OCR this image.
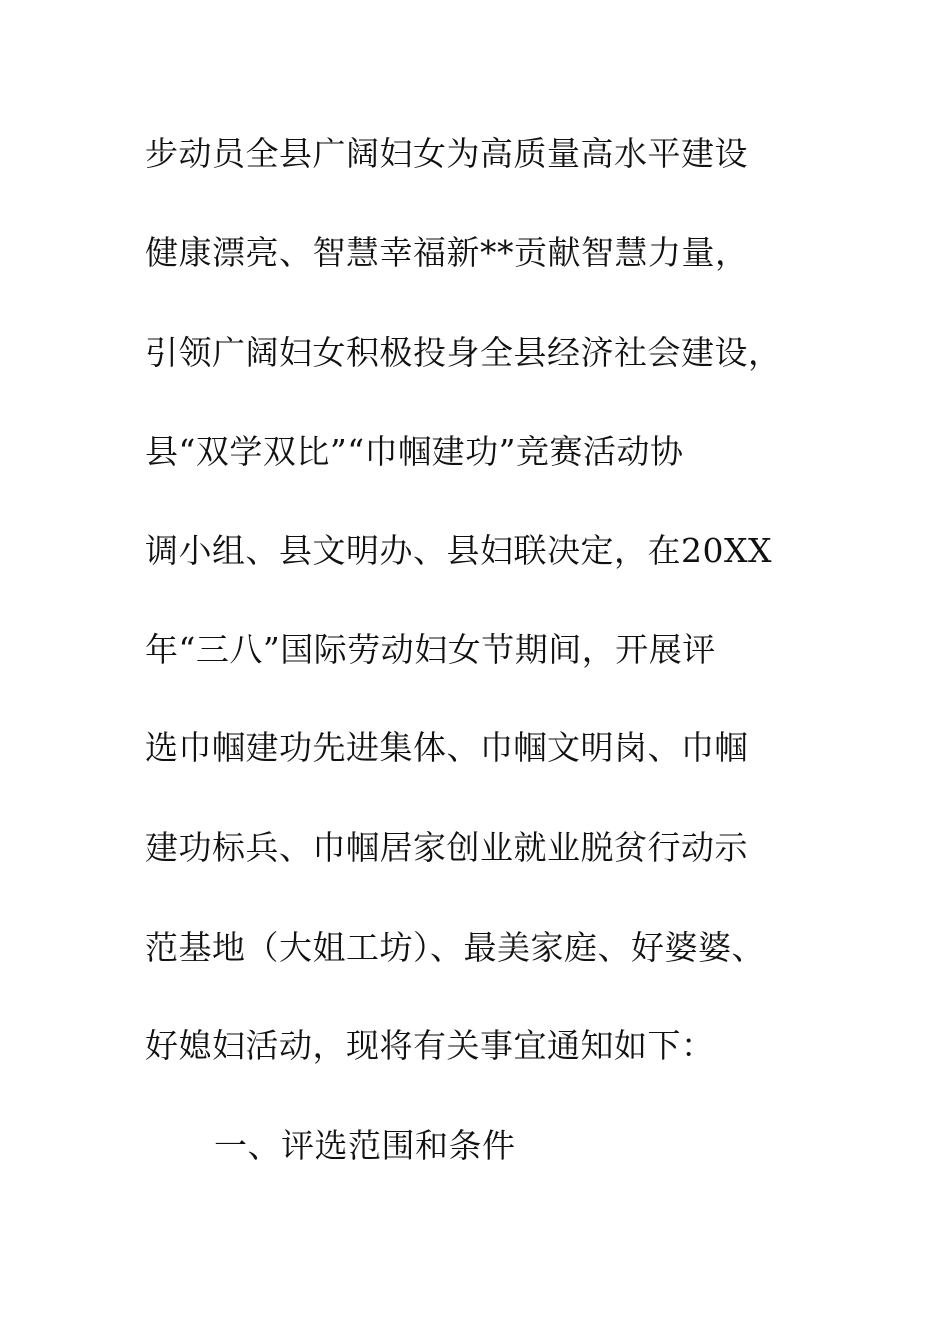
步动员全县广阔妇女为高质量高水平建设
健康漂亮、智慧幸福新**贡献智慧力量，
引领广阔妇女积极投身全县经济社会建设，
县“双学双比”“巾帼建功”竞赛活动协
调小组、县文明办、县妇联决定，在20XX
年“三八”国际劳动妇女节期间，开展评
选巾帼建功先进集体、巾帼文明岗、巾帼
建功标兵、巾帼居家创业就业脱贫行动示
范基地（大姐工坊）、最美家庭、好婆婆、
好媳妇活动，现将有关事宜通知如下：
一、评选范围和条件
